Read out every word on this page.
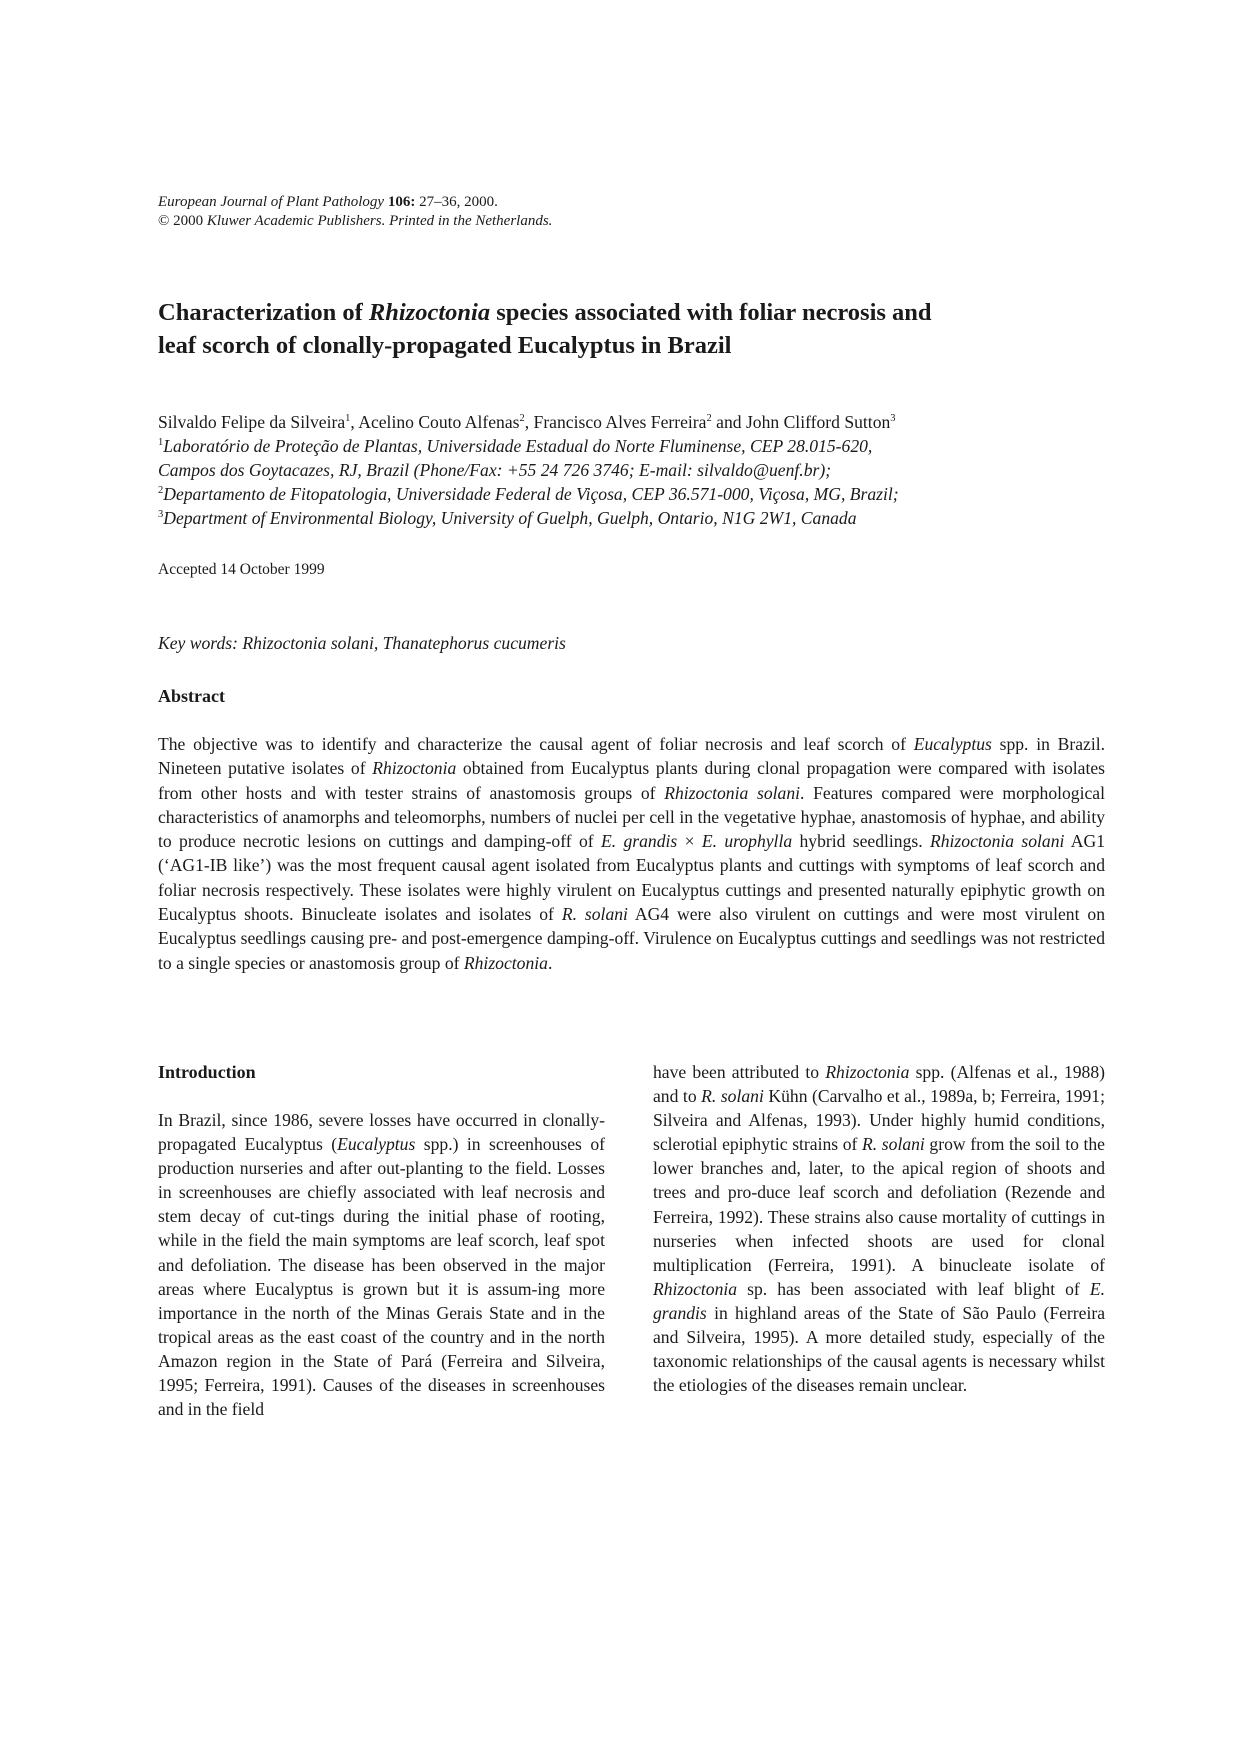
European Journal of Plant Pathology 106: 27–36, 2000.
© 2000 Kluwer Academic Publishers. Printed in the Netherlands.
Characterization of Rhizoctonia species associated with foliar necrosis and
leaf scorch of clonally-propagated Eucalyptus in Brazil
Silvaldo Felipe da Silveira$^1$, Acelino Couto Alfenas$^2$, Francisco Alves Ferreira$^2$ and John Clifford Sutton$^3$
$^1$Laboratório de Proteção de Plantas, Universidade Estadual do Norte Fluminense, CEP 28.015-620,
Campos dos Goytacazes, RJ, Brazil (Phone/Fax: +55 24 726 3746; E-mail: silvaldo@uenf.br);
$^2$Departamento de Fitopatologia, Universidade Federal de Viçosa, CEP 36.571-000, Viçosa, MG, Brazil;
$^3$Department of Environmental Biology, University of Guelph, Guelph, Ontario, N1G 2W1, Canada
Accepted 14 October 1999
Key words: Rhizoctonia solani, Thanatephorus cucumeris
Abstract
The objective was to identify and characterize the causal agent of foliar necrosis and leaf scorch of Eucalyptus spp. in Brazil. Nineteen putative isolates of Rhizoctonia obtained from Eucalyptus plants during clonal propagation were compared with isolates from other hosts and with tester strains of anastomosis groups of Rhizoctonia solani. Features compared were morphological characteristics of anamorphs and teleomorphs, numbers of nuclei per cell in the vegetative hyphae, anastomosis of hyphae, and ability to produce necrotic lesions on cuttings and damping-off of E. grandis × E. urophylla hybrid seedlings. Rhizoctonia solani AG1 (‘AG1-IB like’) was the most frequent causal agent isolated from Eucalyptus plants and cuttings with symptoms of leaf scorch and foliar necrosis respectively. These isolates were highly virulent on Eucalyptus cuttings and presented naturally epiphytic growth on Eucalyptus shoots. Binucleate isolates and isolates of R. solani AG4 were also virulent on cuttings and were most virulent on Eucalyptus seedlings causing pre- and post-emergence damping-off. Virulence on Eucalyptus cuttings and seedlings was not restricted to a single species or anastomosis group of Rhizoctonia.
Introduction
In Brazil, since 1986, severe losses have occurred in clonally-propagated Eucalyptus (Eucalyptus spp.) in screenhouses of production nurseries and after out-planting to the field. Losses in screenhouses are chiefly associated with leaf necrosis and stem decay of cut-tings during the initial phase of rooting, while in the field the main symptoms are leaf scorch, leaf spot and defoliation. The disease has been observed in the major areas where Eucalyptus is grown but it is assum-ing more importance in the north of the Minas Gerais State and in the tropical areas as the east coast of the country and in the north Amazon region in the State of Pará (Ferreira and Silveira, 1995; Ferreira, 1991). Causes of the diseases in screenhouses and in the field
have been attributed to Rhizoctonia spp. (Alfenas et al., 1988) and to R. solani Kühn (Carvalho et al., 1989a, b; Ferreira, 1991; Silveira and Alfenas, 1993). Under highly humid conditions, sclerotial epiphytic strains of R. solani grow from the soil to the lower branches and, later, to the apical region of shoots and trees and pro-duce leaf scorch and defoliation (Rezende and Ferreira, 1992). These strains also cause mortality of cuttings in nurseries when infected shoots are used for clonal multiplication (Ferreira, 1991). A binucleate isolate of Rhizoctonia sp. has been associated with leaf blight of E. grandis in highland areas of the State of São Paulo (Ferreira and Silveira, 1995). A more detailed study, especially of the taxonomic relationships of the causal agents is necessary whilst the etiologies of the diseases remain unclear.
